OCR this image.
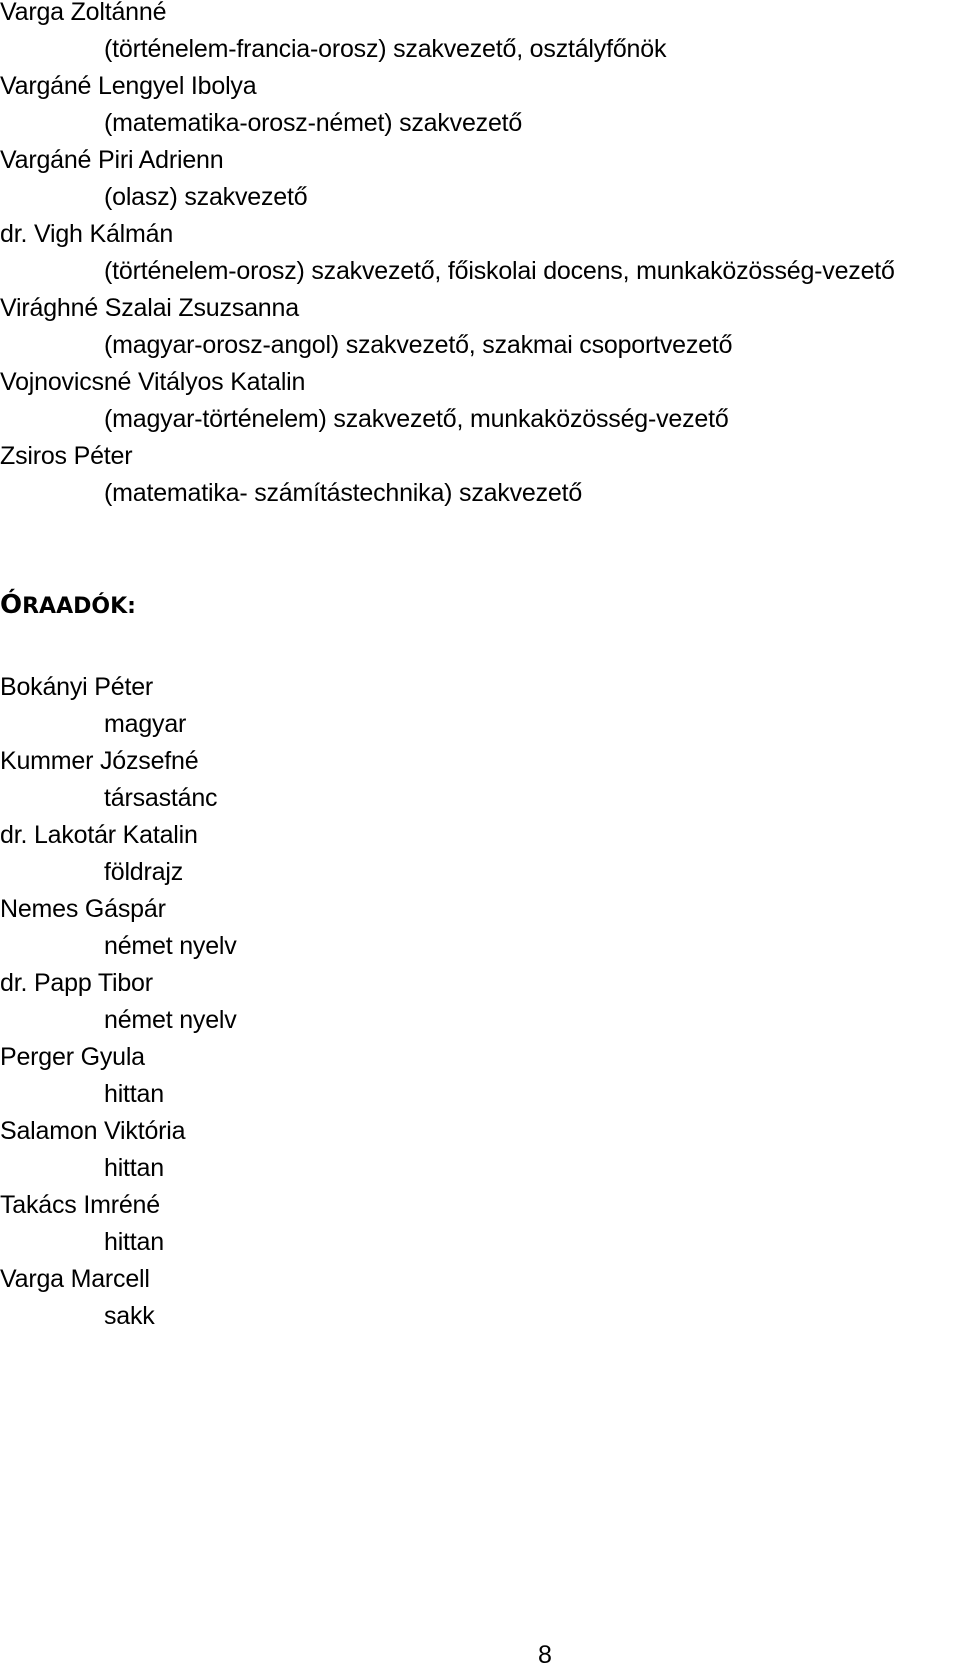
Varga Zoltánné
(történelem-francia-orosz) szakvezető, osztályfőnök
Vargáné Lengyel Ibolya
(matematika-orosz-német) szakvezető
Vargáné Piri Adrienn
(olasz) szakvezető
dr. Vigh Kálmán
(történelem-orosz) szakvezető, főiskolai docens, munkaközösség-vezető
Virághné Szalai Zsuzsanna
(magyar-orosz-angol) szakvezető, szakmai csoportvezető
Vojnovicsné Vitályos Katalin
(magyar-történelem) szakvezető, munkaközösség-vezető
Zsiros Péter
(matematika- számítástechnika) szakvezető
ÓRAADÓK:
Bokányi Péter
magyar
Kummer Józsefné
társastánc
dr. Lakotár Katalin
földrajz
Nemes Gáspár
német nyelv
dr. Papp Tibor
német nyelv
Perger Gyula
hittan
Salamon Viktória
hittan
Takács Imréné
hittan
Varga Marcell
sakk
8
